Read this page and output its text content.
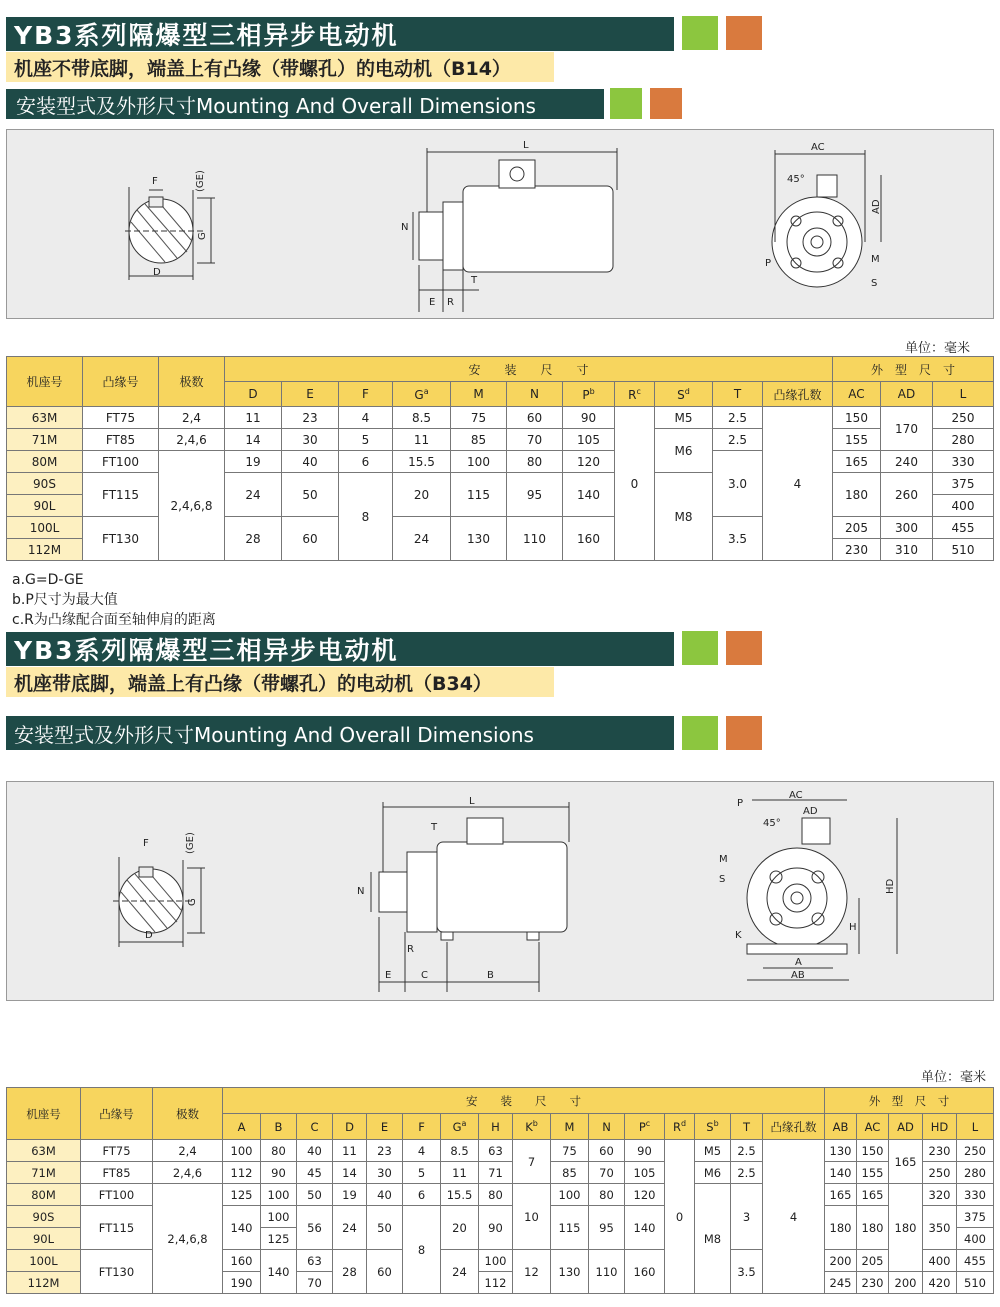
YB3系列隔爆型三相异步电动机
机座不带底脚，端盖上有凸缘（带螺孔）的电动机（B14）
安装型式及外形尺寸Mounting And Overall Dimensions
F	(GE)
G
D
L
N
E R
T
AC
AD
45°
P	M
S
单位：毫米
机座号	凸缘号	极数	安　　装　　尺　　寸											外　型　尺　寸		
			D	E	F	$G^a$	M	N	$P^b$	$R^c$	$S^d$	T	凸缘孔数	AC	AD	L
63M	FT75	2,4	11	23	4	8.5	75	60	90	0	M5	2.5	4	150	170	250
71M	FT85	2,4,6	14	30	5	11	85	70	105		M6	2.5		155		280
80M	FT100	2,4,6,8	19	40	6	15.5	100	80	120			3.0		165	240	330
90S	FT115		24	50	8	20	115	95	140		M8			180	260	375
90L																400
100L	FT130		28	60		24	130	110	160			3.5		205	300	455
112M														230	310	510
a.G=D-GE
b.P尺寸为最大值
c.R为凸缘配合面至轴伸肩的距离
YB3系列隔爆型三相异步电动机
机座带底脚，端盖上有凸缘（带螺孔）的电动机（B34）
安装型式及外形尺寸Mounting And Overall Dimensions
F	(GE)
G
D
L
T
N
R
E	C	B
AC
AD
P
45°
M
S	HD
H
K
A
AB
单位：毫米
机座号	凸缘号	极数	安　　装　　尺　　寸																外　型　尺　寸				
			A	B	C	D	E	F	$G^a$	H	$K^b$	M	N	$P^c$	$R^d$	$S^b$	T	凸缘孔数	AB	AC	AD	HD	L
63M	FT75	2,4	100	80	40	11	23	4	8.5	63	7	75	60	90	0	M5	2.5	4	130	150	165	230	250
71M	FT85	2,4,6	112	90	45	14	30	5	11	71		85	70	105		M6	2.5		140	155		250	280
80M	FT100	2,4,6,8	125	100	50	19	40	6	15.5	80	10	100	80	120		M8	3		165	165	180	320	330
90S	FT115		140	100	56	24	50	8	20	90		115	95	140					180	180		350	375
90L				125																			400
100L	FT130		160	140	63	28	60		24	100	12	130	110	160			3.5		200	205		400	455
112M			190		70					112									245	230	200	420	510
